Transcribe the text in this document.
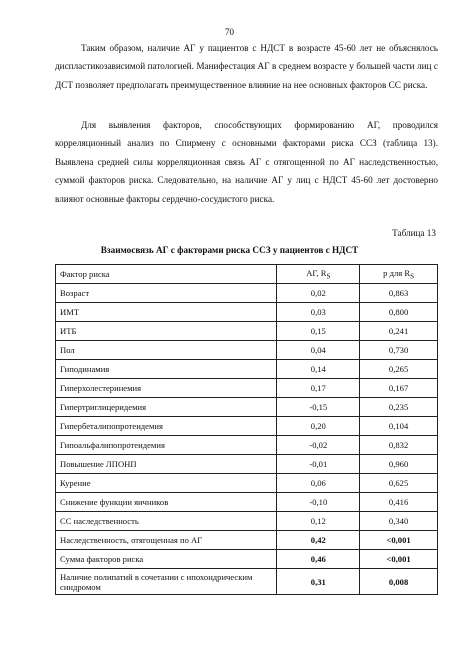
70

Таким образом, наличие АГ у пациентов с НДСТ в возрасте 45-60 лет не объяснялось диспластикозависимой патологией. Манифестация АГ в среднем возрасте у большей части лиц с ДСТ позволяет предполагать преимущественное влияние на нее основных факторов СС риска.

Для выявления факторов, способствующих формированию АГ, проводился корреляционный анализ по Спирмену с основными факторами риска ССЗ (таблица 13). Выявлена средней силы корреляционная связь АГ с отягощенной по АГ наследственностью, суммой факторов риска. Следовательно, на наличие АГ у лиц с НДСТ 45-60 лет достоверно влияют основные факторы сердечно-сосудистого риска.

Таблица 13
Взаимосвязь АГ с факторами риска ССЗ у пациентов с НДСТ
Фактор риска	АГ, $R_S$	p для $R_S$
Возраст	0,02	0,863
ИМТ	0,03	0,800
ИТБ	0,15	0,241
Пол	0,04	0,730
Гиподинамия	0,14	0,265
Гиперхолестеринемия	0,17	0,167
Гипертриглицеридемия	-0,15	0,235
Гипербеталипопротеидемия	0,20	0,104
Гипоальфалипопротеидемия	-0,02	0,832
Повышение ЛПОНП	-0,01	0,960
Курение	0,06	0,625
Снижение функции яичников	-0,10	0,416
СС наследственность	0,12	0,340
Наследственность, отягощенная по АГ	0,42	<0,001
Сумма факторов риска	0,46	<0,001
Наличие полипатий в сочетании с ипохондрическим синдромом	0,31	0,008
